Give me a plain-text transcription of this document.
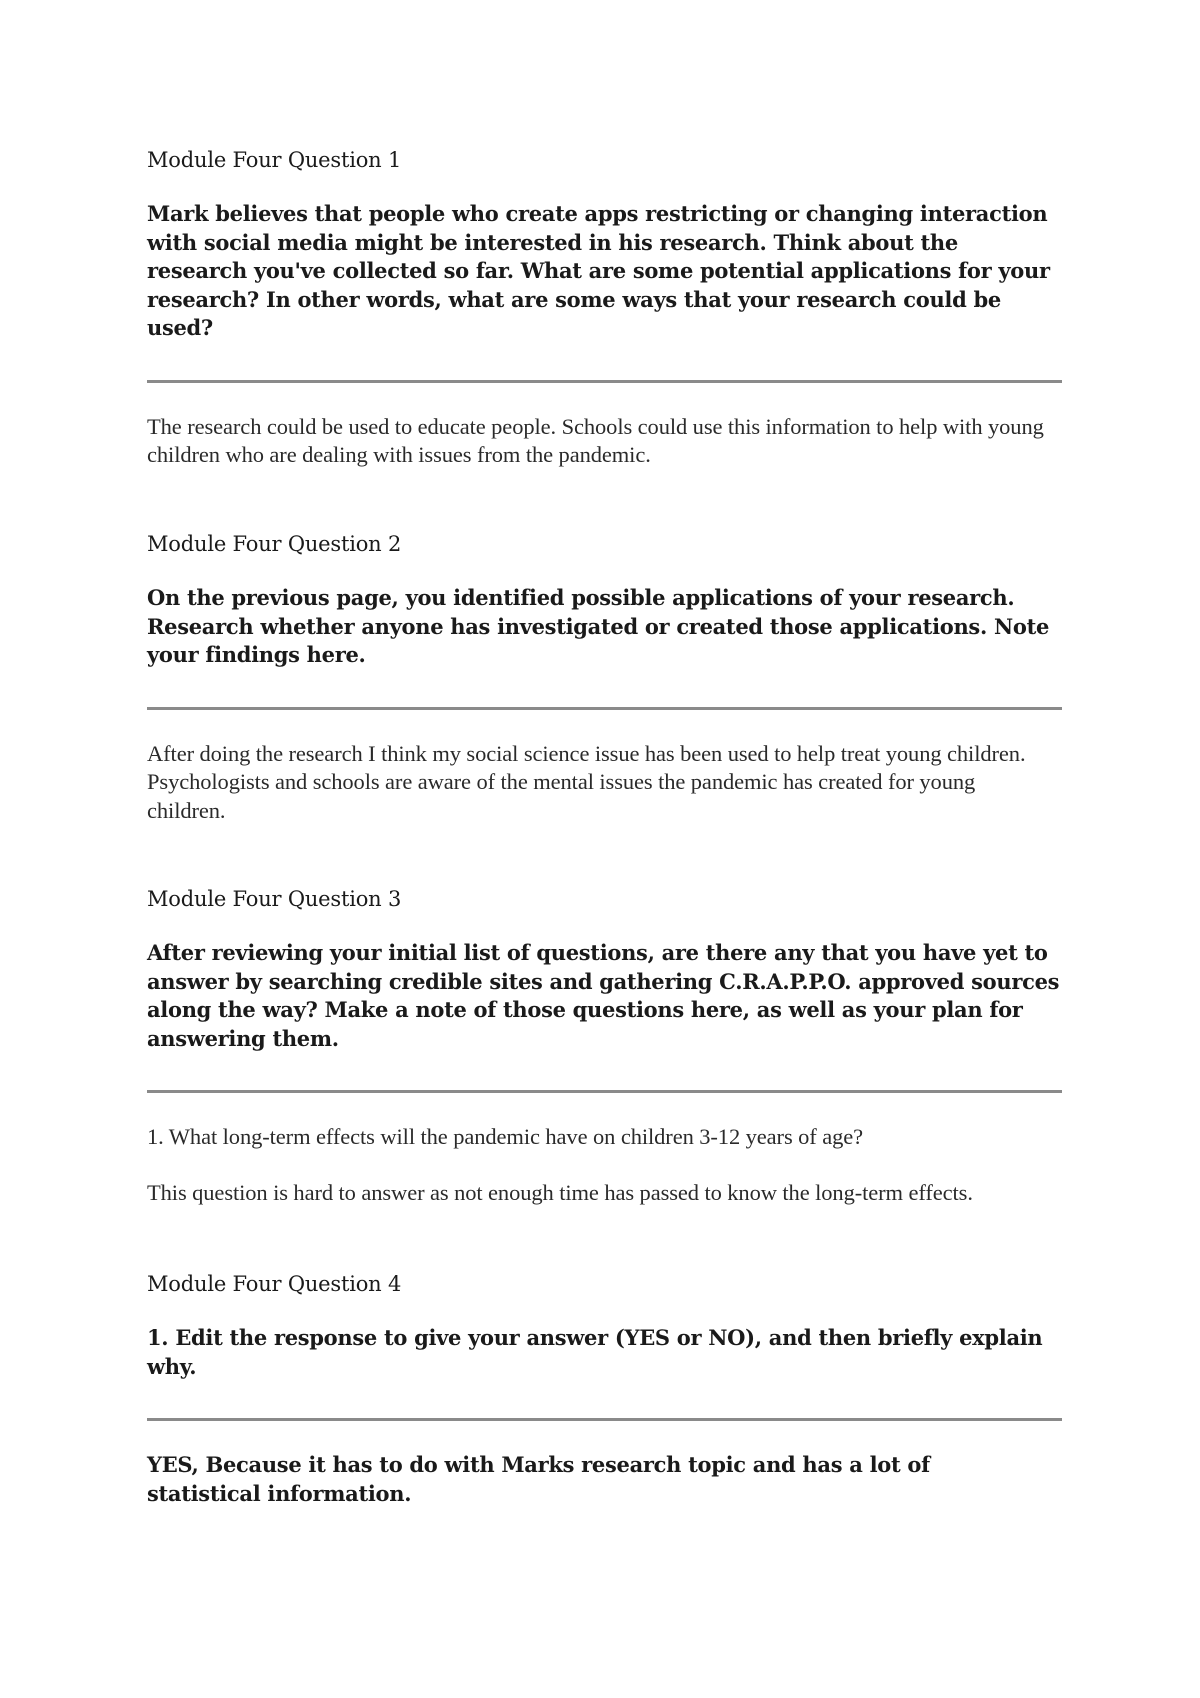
Module Four Question 1

Mark believes that people who create apps restricting or changing interaction with social media might be interested in his research. Think about the research you've collected so far. What are some potential applications for your research? In other words, what are some ways that your research could be used?

The research could be used to educate people. Schools could use this information to help with young children who are dealing with issues from the pandemic.

Module Four Question 2

On the previous page, you identified possible applications of your research. Research whether anyone has investigated or created those applications. Note your findings here.

After doing the research I think my social science issue has been used to help treat young children. Psychologists and schools are aware of the mental issues the pandemic has created for young children.

Module Four Question 3

After reviewing your initial list of questions, are there any that you have yet to answer by searching credible sites and gathering C.R.A.P.P.O. approved sources along the way? Make a note of those questions here, as well as your plan for answering them.

1. What long-term effects will the pandemic have on children 3-12 years of age?

This question is hard to answer as not enough time has passed to know the long-term effects.

Module Four Question 4

1. Edit the response to give your answer (YES or NO), and then briefly explain why.

YES, Because it has to do with Marks research topic and has a lot of statistical information.
